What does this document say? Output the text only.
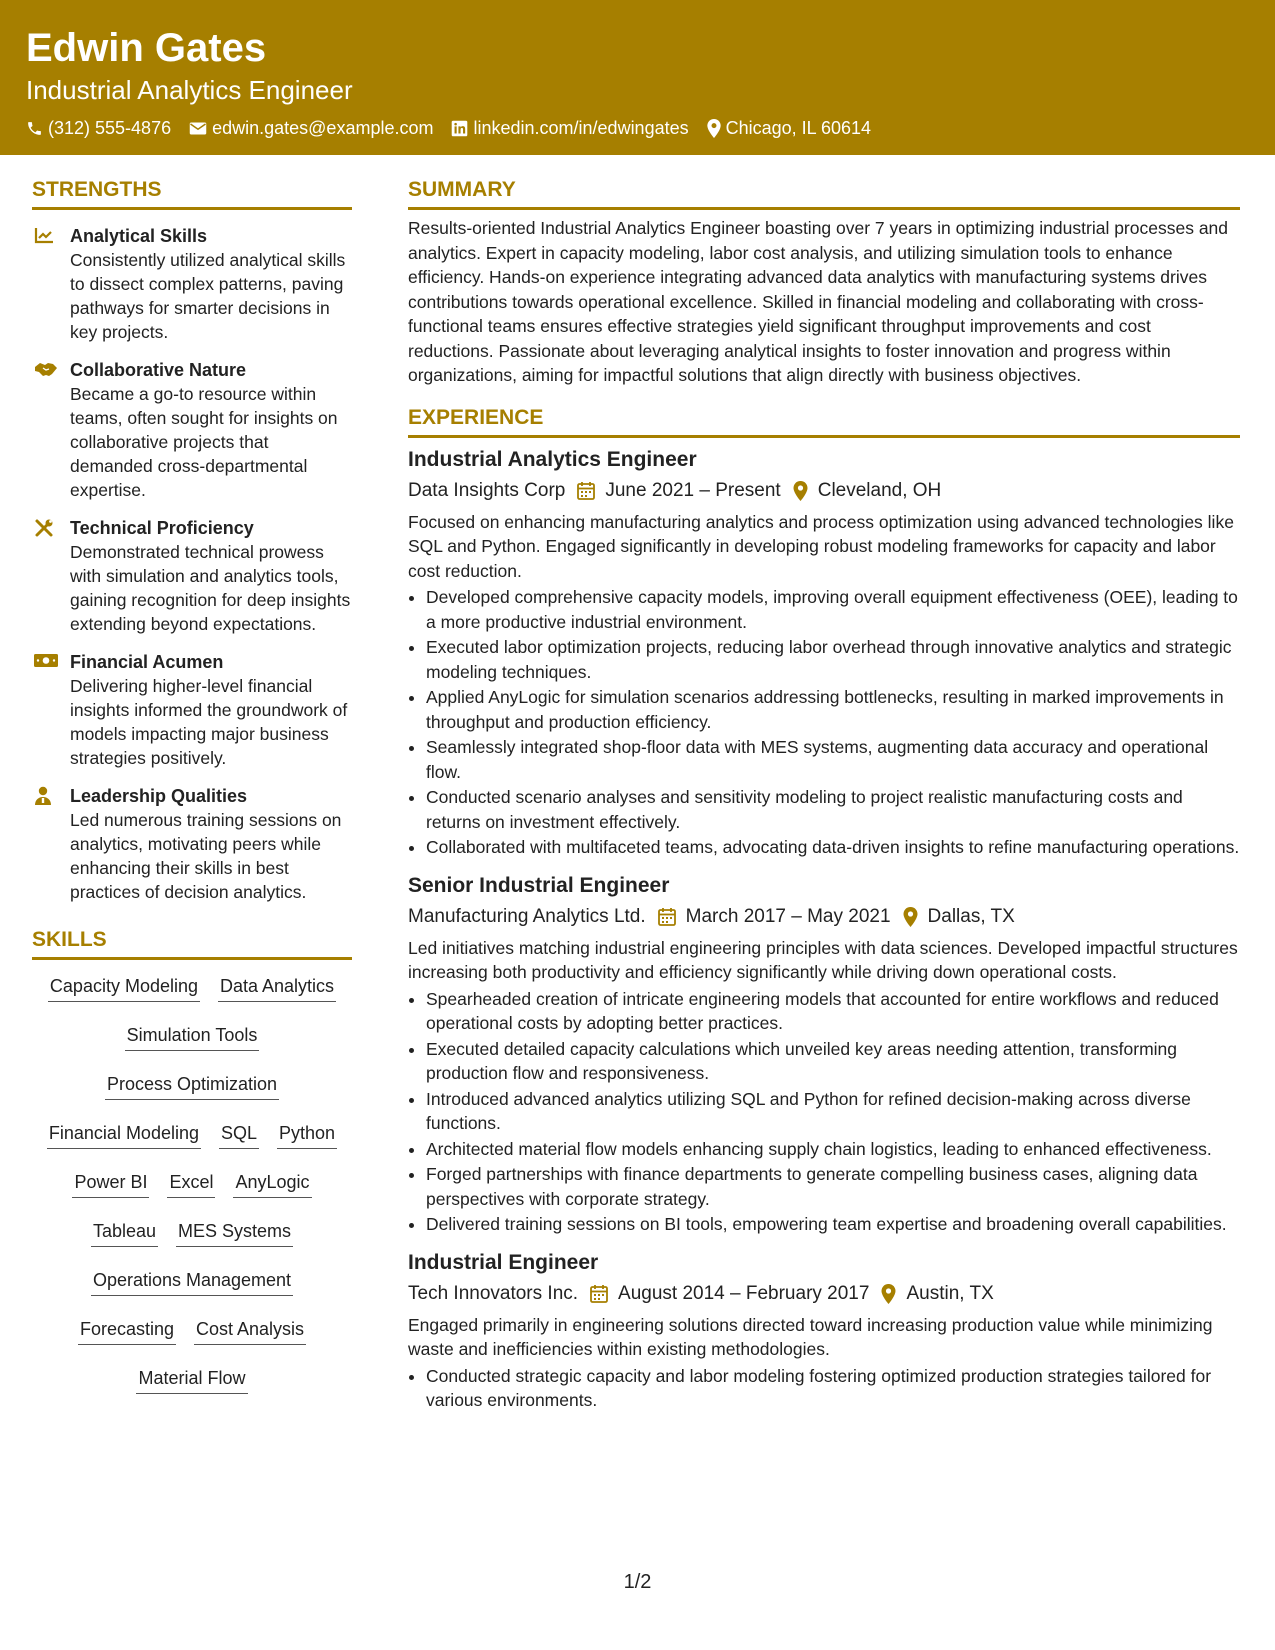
Edwin Gates
Industrial Analytics Engineer
(312) 555-4876 edwin.gates@example.com linkedin.com/in/edwingates Chicago, IL 60614
STRENGTHS
Analytical Skills
Consistently utilized analytical skills to dissect complex patterns, paving pathways for smarter decisions in key projects.
Collaborative Nature
Became a go-to resource within teams, often sought for insights on collaborative projects that demanded cross-departmental expertise.
Technical Proficiency
Demonstrated technical prowess with simulation and analytics tools, gaining recognition for deep insights extending beyond expectations.
Financial Acumen
Delivering higher-level financial insights informed the groundwork of models impacting major business strategies positively.
Leadership Qualities
Led numerous training sessions on analytics, motivating peers while enhancing their skills in best practices of decision analytics.
SKILLS
Capacity Modeling Data Analytics
Simulation Tools
Process Optimization
Financial Modeling SQL Python
Power BI Excel AnyLogic
Tableau MES Systems
Operations Management
Forecasting Cost Analysis
Material Flow
SUMMARY
Results-oriented Industrial Analytics Engineer boasting over 7 years in optimizing industrial processes and analytics. Expert in capacity modeling, labor cost analysis, and utilizing simulation tools to enhance efficiency. Hands-on experience integrating advanced data analytics with manufacturing systems drives contributions towards operational excellence. Skilled in financial modeling and collaborating with cross-functional teams ensures effective strategies yield significant throughput improvements and cost reductions. Passionate about leveraging analytical insights to foster innovation and progress within organizations, aiming for impactful solutions that align directly with business objectives.
EXPERIENCE
Industrial Analytics Engineer
Data Insights Corp June 2021 – Present Cleveland, OH
Focused on enhancing manufacturing analytics and process optimization using advanced technologies like SQL and Python. Engaged significantly in developing robust modeling frameworks for capacity and labor cost reduction.
• Developed comprehensive capacity models, improving overall equipment effectiveness (OEE), leading to a more productive industrial environment.
• Executed labor optimization projects, reducing labor overhead through innovative analytics and strategic modeling techniques.
• Applied AnyLogic for simulation scenarios addressing bottlenecks, resulting in marked improvements in throughput and production efficiency.
• Seamlessly integrated shop-floor data with MES systems, augmenting data accuracy and operational flow.
• Conducted scenario analyses and sensitivity modeling to project realistic manufacturing costs and returns on investment effectively.
• Collaborated with multifaceted teams, advocating data-driven insights to refine manufacturing operations.
Senior Industrial Engineer
Manufacturing Analytics Ltd. March 2017 – May 2021 Dallas, TX
Led initiatives matching industrial engineering principles with data sciences. Developed impactful structures increasing both productivity and efficiency significantly while driving down operational costs.
• Spearheaded creation of intricate engineering models that accounted for entire workflows and reduced operational costs by adopting better practices.
• Executed detailed capacity calculations which unveiled key areas needing attention, transforming production flow and responsiveness.
• Introduced advanced analytics utilizing SQL and Python for refined decision-making across diverse functions.
• Architected material flow models enhancing supply chain logistics, leading to enhanced effectiveness.
• Forged partnerships with finance departments to generate compelling business cases, aligning data perspectives with corporate strategy.
• Delivered training sessions on BI tools, empowering team expertise and broadening overall capabilities.
Industrial Engineer
Tech Innovators Inc. August 2014 – February 2017 Austin, TX
Engaged primarily in engineering solutions directed toward increasing production value while minimizing waste and inefficiencies within existing methodologies.
• Conducted strategic capacity and labor modeling fostering optimized production strategies tailored for various environments.
1/2
